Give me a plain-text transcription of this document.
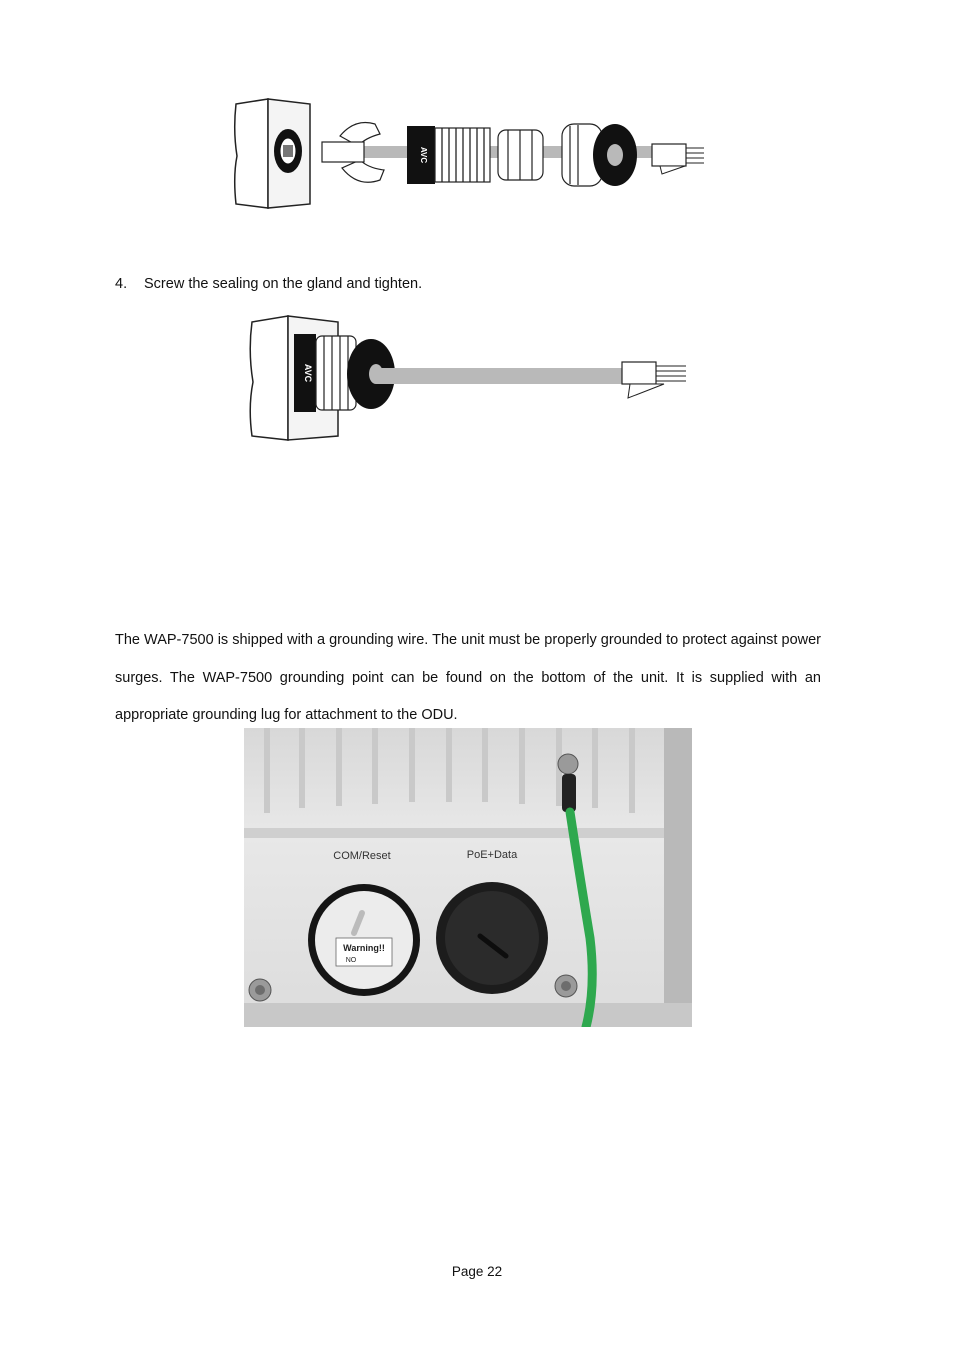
AVC
4. Screw the sealing on the gland and tighten.
AVC
The WAP-7500 is shipped with a grounding wire. The unit must be properly grounded to protect against power surges. The WAP-7500 grounding point can be found on the bottom of the unit. It is supplied with an appropriate grounding lug for attachment to the ODU.
COM/Reset	PoE+Data
Warning!!
NO
Page 22
